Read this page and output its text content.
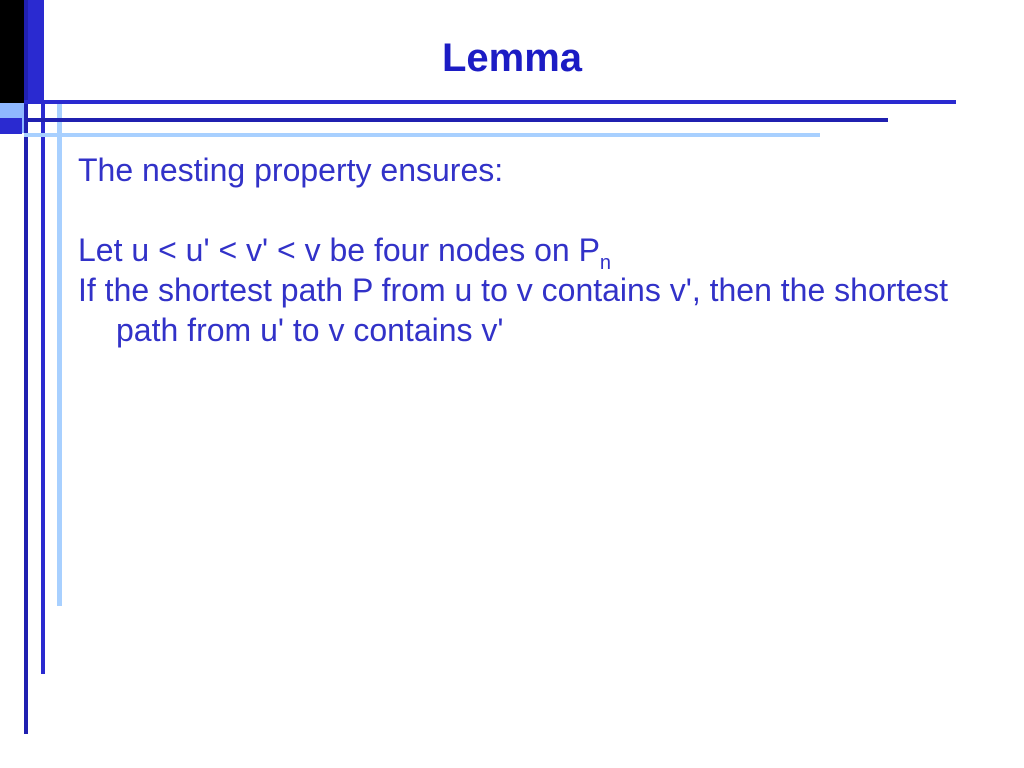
Lemma

The nesting property ensures:

Let u < u' < v' < v be four nodes on $P_n$

If the shortest path P from u to v contains v', then the shortest path from u' to v contains v'
